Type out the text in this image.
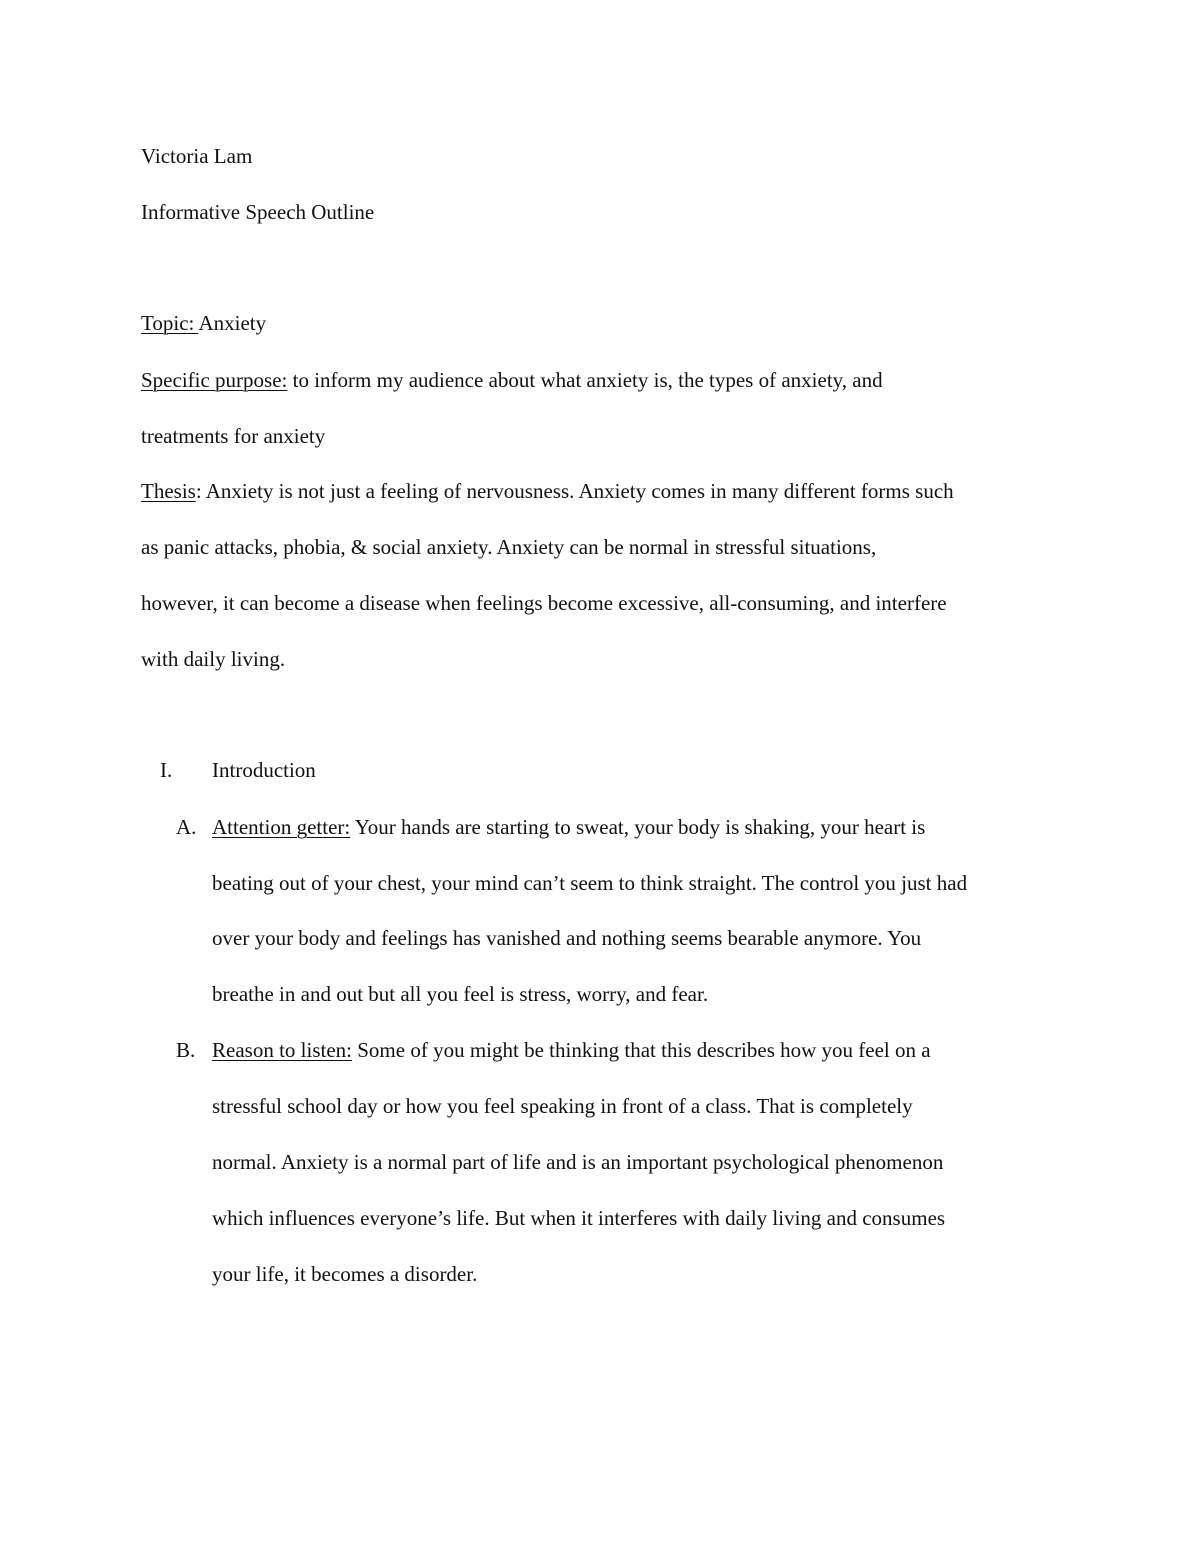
Victoria Lam
Informative Speech Outline
Topic: Anxiety
Specific purpose: to inform my audience about what anxiety is, the types of anxiety, and
treatments for anxiety
Thesis: Anxiety is not just a feeling of nervousness. Anxiety comes in many different forms such
as panic attacks, phobia, & social anxiety. Anxiety can be normal in stressful situations,
however, it can become a disease when feelings become excessive, all-consuming, and interfere
with daily living.
I. Introduction
A. Attention getter: Your hands are starting to sweat, your body is shaking, your heart is
beating out of your chest, your mind can’t seem to think straight. The control you just had
over your body and feelings has vanished and nothing seems bearable anymore. You
breathe in and out but all you feel is stress, worry, and fear.
B. Reason to listen: Some of you might be thinking that this describes how you feel on a
stressful school day or how you feel speaking in front of a class. That is completely
normal. Anxiety is a normal part of life and is an important psychological phenomenon
which influences everyone’s life. But when it interferes with daily living and consumes
your life, it becomes a disorder.
